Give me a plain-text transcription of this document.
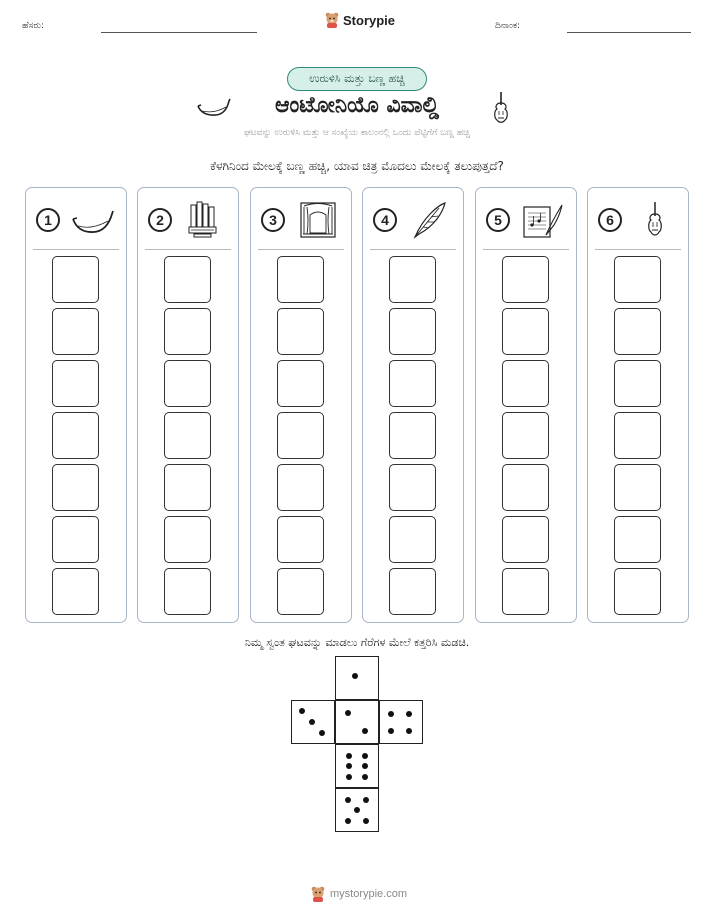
ಹೆಸರು:	Storypie	ದಿನಾಂಕ:
ಉರುಳಿಸಿ ಮತ್ತು ಬಣ್ಣ ಹಚ್ಚಿ
ಆಂಟೋನಿಯೊ ವಿವಾಲ್ಡಿ
ಘಟವನ್ನು ಉರುಳಿಸಿ ಮತ್ತು ಆ ಸಂಖ್ಯೆಯ ಕಾಲಂನಲ್ಲಿ ಒಂದು ಪೆಟ್ಟಿಗೆಗೆ ಬಣ್ಣ ಹಚ್ಚಿ
ಕೆಳಗಿನಿಂದ ಮೇಲಕ್ಕೆ ಬಣ್ಣ ಹಚ್ಚಿ, ಯಾವ ಚಿತ್ರ ಮೊದಲು ಮೇಲಕ್ಕೆ ತಲುಪುತ್ತದೆ?
1	2	3	4	5	6
ನಿಮ್ಮ ಸ್ವಂತ ಘಟವನ್ನು ಮಾಡಲು ಗೆರೆಗಳ ಮೇಲೆ ಕತ್ತರಿಸಿ ಮಡಚಿ.
mystorypie.com
